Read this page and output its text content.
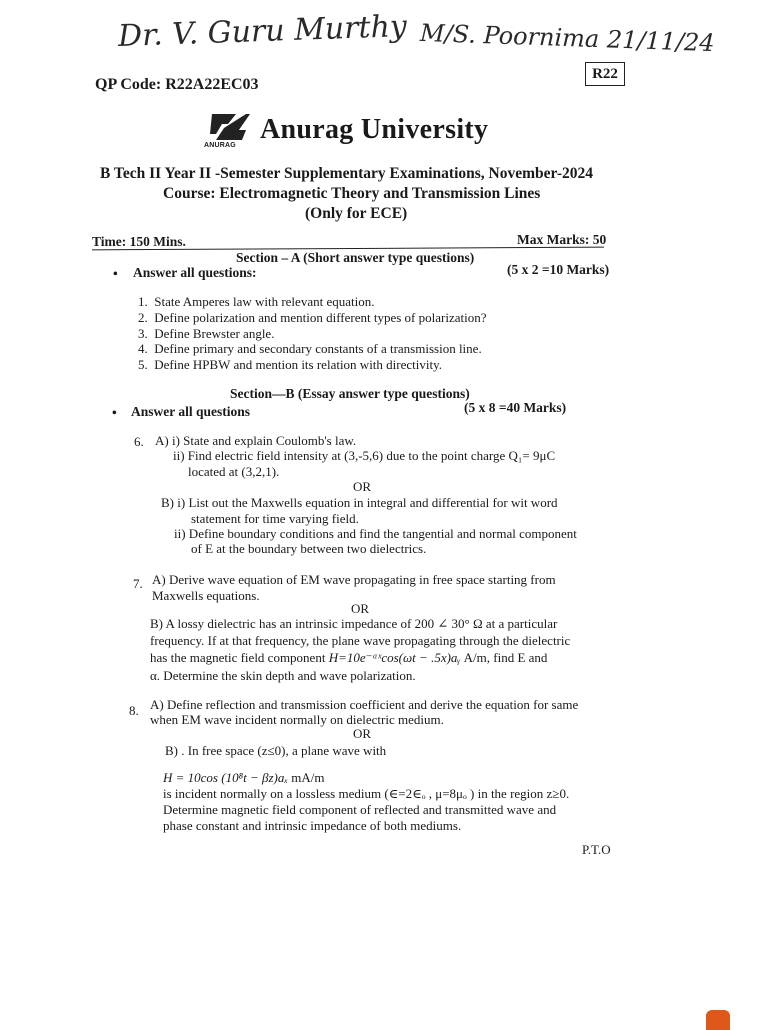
Dr. V. Guru Murthy M/S. Poornima 21/11/24
R22
QP Code: R22A22EC03
ANURAG
Anurag University
B Tech II Year II -Semester Supplementary Examinations, November-2024
Course: Electromagnetic Theory and Transmission Lines
(Only for ECE)
Time: 150 Mins.	Max Marks: 50
Section – A (Short answer type questions)
• Answer all questions:	(5 x 2 =10 Marks)
1. State Amperes law with relevant equation.
2. Define polarization and mention different types of polarization?
3. Define Brewster angle.
4. Define primary and secondary constants of a transmission line.
5. Define HPBW and mention its relation with directivity.
Section—B (Essay answer type questions)
• Answer all questions	(5 x 8 =40 Marks)
6. A) i) State and explain Coulomb's law.
ii) Find electric field intensity at (3,-5,6) due to the point charge Q₁= 9μC
located at (3,2,1).
OR
B) i) List out the Maxwells equation in integral and differential for wit word
statement for time varying field.
ii) Define boundary conditions and find the tangential and normal component
of E at the boundary between two dielectrics.
7. A) Derive wave equation of EM wave propagating in free space starting from
Maxwells equations.
OR
B) A lossy dielectric has an intrinsic impedance of 200 ∠ 30° Ω at a particular
frequency. If at that frequency, the plane wave propagating through the dielectric
has the magnetic field component H=10e⁻ᵅˣcos(ωt − .5x)aᵧ A/m, find E and
α. Determine the skin depth and wave polarization.
8. A) Define reflection and transmission coefficient and derive the equation for same
when EM wave incident normally on dielectric medium.
OR
B) . In free space (z≤0), a plane wave with
H = 10cos (10⁸t − βz)aₓ mA/m
is incident normally on a lossless medium (∈=2∈ₒ , μ=8μₒ ) in the region z≥0.
Determine magnetic field component of reflected and transmitted wave and
phase constant and intrinsic impedance of both mediums.
P.T.O
